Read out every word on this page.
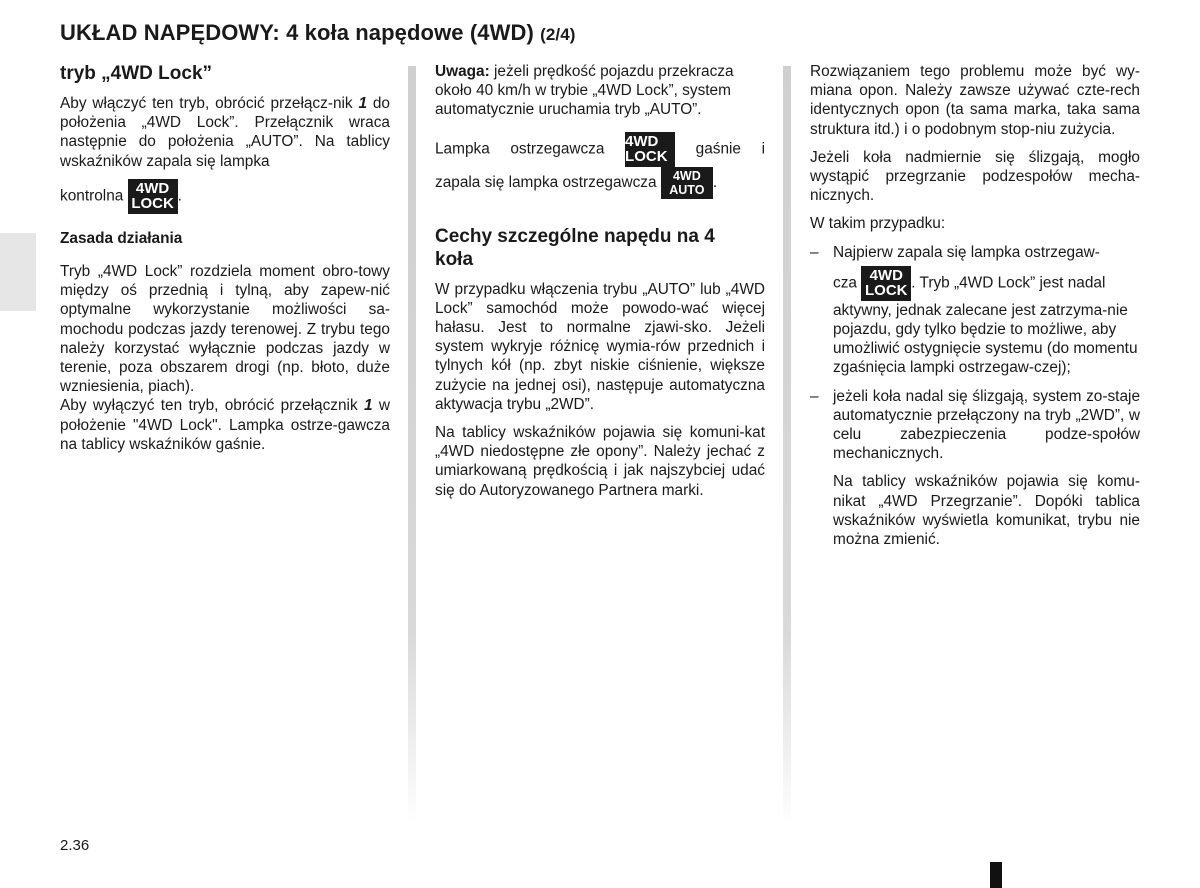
UKŁAD NAPĘDOWY: 4 koła napędowe (4WD) (2/4)
tryb „4WD Lock”

Aby włączyć ten tryb, obrócić przełącz-nik 1 do położenia „4WD Lock”. Przełącznik wraca następnie do położenia „AUTO”. Na tablicy wskaźników zapala się lampka

kontrolna 4WD
LOCK .

Zasada działania

Tryb „4WD Lock” rozdziela moment obro-towy między oś przednią i tylną, aby zapew-nić optymalne wykorzystanie możliwości sa-mochodu podczas jazdy terenowej. Z trybu tego należy korzystać wyłącznie podczas jazdy w terenie, poza obszarem drogi (np. błoto, duże wzniesienia, piach).

Aby wyłączyć ten tryb, obrócić przełącznik 1 w położenie "4WD Lock". Lampka ostrze-gawcza na tablicy wskaźników gaśnie.

Uwaga: jeżeli prędkość pojazdu przekracza około 40 km/h w trybie „4WD Lock”, system automatycznie uruchamia tryb „AUTO”.

Lampka ostrzegawcza 4WD
LOCK gaśnie i

zapala się lampka ostrzegawcza 4WD
AUTO .

Cechy szczególne napędu na 4 koła

W przypadku włączenia trybu „AUTO” lub „4WD Lock” samochód może powodo-wać więcej hałasu. Jest to normalne zjawi-sko. Jeżeli system wykryje różnicę wymia-rów przednich i tylnych kół (np. zbyt niskie ciśnienie, większe zużycie na jednej osi), następuje automatyczna aktywacja trybu „2WD”.

Na tablicy wskaźników pojawia się komuni-kat „4WD niedostępne złe opony”. Należy jechać z umiarkowaną prędkością i jak najszybciej udać się do Autoryzowanego Partnera marki.

Rozwiązaniem tego problemu może być wy-miana opon. Należy zawsze używać czte-rech identycznych opon (ta sama marka, taka sama struktura itd.) i o podobnym stop-niu zużycia.

Jeżeli koła nadmiernie się ślizgają, mogło wystąpić przegrzanie podzespołów mecha-nicznych.

W takim przypadku:

– Najpierw zapala się lampka ostrzegaw-
cza 4WD
LOCK . Tryb „4WD Lock” jest nadal aktywny, jednak zalecane jest zatrzyma-nie pojazdu, gdy tylko będzie to możliwe, aby umożliwić ostygnięcie systemu (do momentu zgaśnięcia lampki ostrzegaw-czej);
– jeżeli koła nadal się ślizgają, system zo-staje automatycznie przełączony na tryb „2WD”, w celu zabezpieczenia podze-społów mechanicznych.

Na tablicy wskaźników pojawia się komu-nikat „4WD Przegrzanie”. Dopóki tablica wskaźników wyświetla komunikat, trybu nie można zmienić.

2.36
